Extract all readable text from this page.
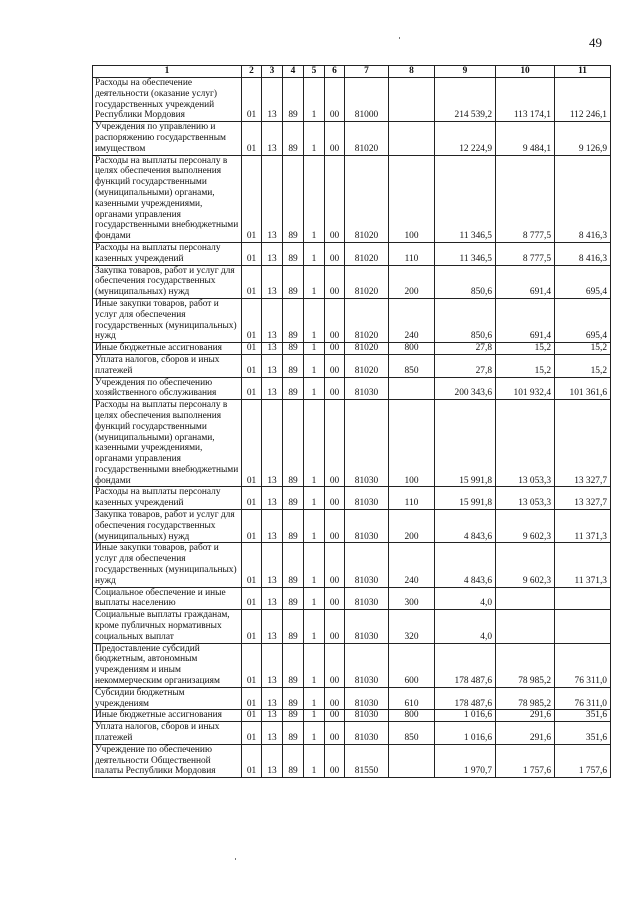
49
1	2	3	4	5	6	7	8	9	10	11
Расходы на обеспечение деятельности (оказание услуг) государственных учреждений Республики Мордовия	01	13	89	1	00	81000		214 539,2	113 174,1	112 246,1
Учреждения по управлению и распоряжению государственным имуществом	01	13	89	1	00	81020		12 224,9	9 484,1	9 126,9
Расходы на выплаты персоналу в целях обеспечения выполнения функций государственными (муниципальными) органами, казенными учреждениями, органами управления государственными внебюджетными фондами	01	13	89	1	00	81020	100	11 346,5	8 777,5	8 416,3
Расходы на выплаты персоналу казенных учреждений	01	13	89	1	00	81020	110	11 346,5	8 777,5	8 416,3
Закупка товаров, работ и услуг для обеспечения государственных (муниципальных) нужд	01	13	89	1	00	81020	200	850,6	691,4	695,4
Иные закупки товаров, работ и услуг для обеспечения государственных (муниципальных) нужд	01	13	89	1	00	81020	240	850,6	691,4	695,4
Иные бюджетные ассигнования	01	13	89	1	00	81020	800	27,8	15,2	15,2
Уплата налогов, сборов и иных платежей	01	13	89	1	00	81020	850	27,8	15,2	15,2
Учреждения по обеспечению хозяйственного обслуживания	01	13	89	1	00	81030		200 343,6	101 932,4	101 361,6
Расходы на выплаты персоналу в целях обеспечения выполнения функций государственными (муниципальными) органами, казенными учреждениями, органами управления государственными внебюджетными фондами	01	13	89	1	00	81030	100	15 991,8	13 053,3	13 327,7
Расходы на выплаты персоналу казенных учреждений	01	13	89	1	00	81030	110	15 991,8	13 053,3	13 327,7
Закупка товаров, работ и услуг для обеспечения государственных (муниципальных) нужд	01	13	89	1	00	81030	200	4 843,6	9 602,3	11 371,3
Иные закупки товаров, работ и услуг для обеспечения государственных (муниципальных) нужд	01	13	89	1	00	81030	240	4 843,6	9 602,3	11 371,3
Социальное обеспечение и иные выплаты населению	01	13	89	1	00	81030	300	4,0		
Социальные выплаты гражданам, кроме публичных нормативных социальных выплат	01	13	89	1	00	81030	320	4,0		
Предоставление субсидий бюджетным, автономным учреждениям и иным некоммерческим организациям	01	13	89	1	00	81030	600	178 487,6	78 985,2	76 311,0
Субсидии бюджетным учреждениям	01	13	89	1	00	81030	610	178 487,6	78 985,2	76 311,0
Иные бюджетные ассигнования	01	13	89	1	00	81030	800	1 016,6	291,6	351,6
Уплата налогов, сборов и иных платежей	01	13	89	1	00	81030	850	1 016,6	291,6	351,6
Учреждение по обеспечению деятельности Общественной палаты Республики Мордовия	01	13	89	1	00	81550		1 970,7	1 757,6	1 757,6
